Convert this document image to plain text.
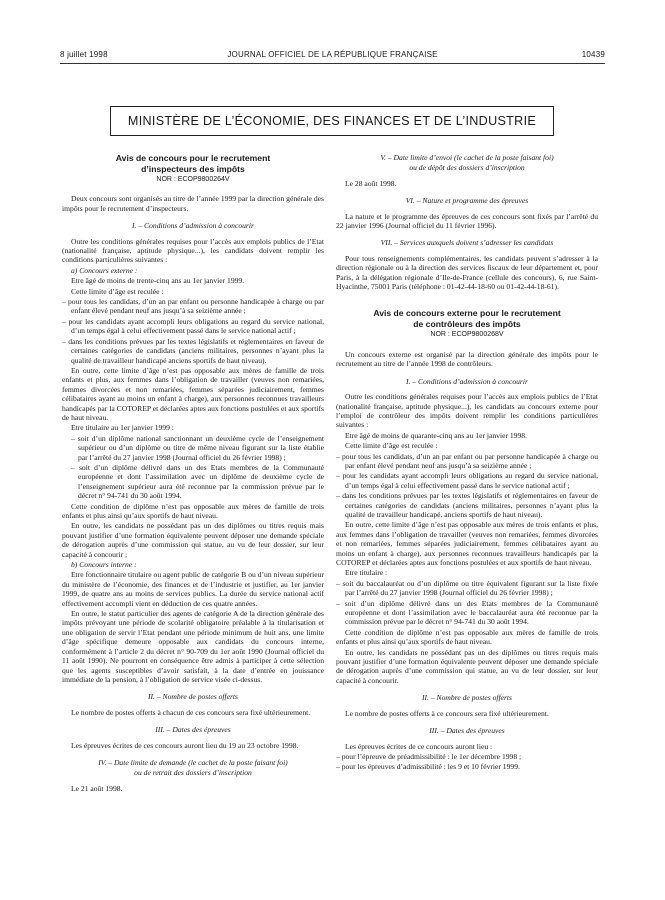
8 juillet 1998	JOURNAL OFFICIEL DE LA RÉPUBLIQUE FRANÇAISE	10439
MINISTÈRE DE L’ÉCONOMIE, DES FINANCES ET DE L’INDUSTRIE
Avis de concours pour le recrutement
d’inspecteurs des impôts
NOR : ECOP9800264V

Deux concours sont organisés au titre de l’année 1999 par la direction générale des impôts pour le recrutement d’inspecteurs.

I. – Conditions d’admission à concourir

Outre les conditions générales requises pour l’accès aux emplois publics de l’Etat (nationalité française, aptitude physique...), les candidats doivent remplir les conditions particulières suivantes :

a) Concours externe :

Etre âgé de moins de trente-cinq ans au 1er janvier 1999.

Cette limite d’âge est reculée :

– pour tous les candidats, d’un an par enfant ou personne handicapée à charge ou par enfant élevé pendant neuf ans jusqu’à sa seizième année ;

– pour les candidats ayant accompli leurs obligations au regard du service national, d’un temps égal à celui effectivement passé dans le service national actif ;

– dans les conditions prévues par les textes législatifs et réglementaires en faveur de certaines catégories de candidats (anciens militaires, personnes n’ayant plus la qualité de travailleur handicapé anciens sportifs de haut niveau).

En outre, cette limite d’âge n’est pas opposable aux mères de famille de trois enfants et plus, aux femmes dans l’obligation de travailler (veuves non remariées, femmes divorcées et non remariées, femmes séparées judiciairement, femmes célibataires ayant au moins un enfant à charge), aux personnes reconnues travailleurs handicapés par la COTOREP et déclarées aptes aux fonctions postulées et aux sportifs de haut niveau.

Etre titulaire au 1er janvier 1999 :

– soit d’un diplôme national sanctionnant un deuxième cycle de l’enseignement supérieur ou d’un diplôme ou titre de même niveau figurant sur la liste établie par l’arrêté du 27 janvier 1998 (Journal officiel du 26 février 1998) ;

– soit d’un diplôme délivré dans un des Etats membres de la Communauté européenne et dont l’assimilation avec un diplôme de deuxième cycle de l’enseignement supérieur aura été reconnue par la commission prévue par le décret n° 94-741 du 30 août 1994.

Cette condition de diplôme n’est pas opposable aux mères de famille de trois enfants et plus ainsi qu’aux sportifs de haut niveau.

En outre, les candidats ne possédant pas un des diplômes ou titres requis mais pouvant justifier d’une formation équivalente peuvent déposer une demande spéciale de dérogation auprès d’une commission qui statue, au vu de leur dossier, sur leur capacité à concourir ;

b) Concours interne :

Etre fonctionnaire titulaire ou agent public de catégorie B ou d’un niveau supérieur du ministère de l’économie, des finances et de l’industrie et justifier, au 1er janvier 1999, de quatre ans au moins de services publics. La durée du service national actif effectivement accompli vient en déduction de ces quatre années.

En outre, le statut particulier des agents de catégorie A de la direction générale des impôts prévoyant une période de scolarité obligatoire préalable à la titularisation et une obligation de servir l’Etat pendant une période minimum de huit ans, une limite d’âge spécifique demeure opposable aux candidats du concours interne, conformément à l’article 2 du décret n° 90-709 du 1er août 1990 (Journal officiel du 11 août 1990). Ne pourront en conséquence être admis à participer à cette sélection que les agents susceptibles d’avoir satisfait, à la date d’entrée en jouissance immédiate de la pension, à l’obligation de service visée ci-dessus.

II. – Nombre de postes offerts

Le nombre de postes offerts à chacun de ces concours sera fixé ultérieurement.

III. – Dates des épreuves

Les épreuves écrites de ces concours auront lieu du 19 au 23 octobre 1998.

IV. – Date limite de demande (le cachet de la poste faisant foi)

ou de retrait des dossiers d’inscription

Le 21 août 1998.

V. – Date limite d’envoi (le cachet de la poste faisant foi)

ou de dépôt des dossiers d’inscription

Le 28 août 1998.

VI. – Nature et programme des épreuves

La nature et le programme des épreuves de ces concours sont fixés par l’arrêté du 22 janvier 1996 (Journal officiel du 11 février 1996).

VII. – Services auxquels doivent s’adresser les candidats

Pour tous renseignements complémentaires, les candidats peuvent s’adresser à la direction régionale ou à la direction des services fiscaux de leur département et, pour Paris, à la délégation régionale d’Ile-de-France (cellule des concours), 6, rue Saint-Hyacinthe, 75001 Paris (téléphone : 01-42-44-18-60 ou 01-42-44-18-61).

Avis de concours externe pour le recrutement
de contrôleurs des impôts
NOR : ECOP9800268V

Un concours externe est organisé par la direction générale des impôts pour le recrutement au titre de l’année 1998 de contrôleurs.

I. – Conditions d’admission à concourir

Outre les conditions générales requises pour l’accès aux emplois publics de l’Etat (nationalité française, aptitude physique...), les candidats au concours externe pour l’emploi de contrôleur des impôts doivent remplir les conditions particulières suivantes :

Etre âgé de moins de quarante-cinq ans au 1er janvier 1998.

Cette limite d’âge est reculée :

– pour tous les candidats, d’un an par enfant ou par personne handicapée à charge ou par enfant élevé pendant neuf ans jusqu’à sa seizième année ;

– pour les candidats ayant accompli leurs obligations au regard du service national, d’un temps égal à celui effectivement passé dans le service national actif ;

– dans les conditions prévues par les textes législatifs et réglementaires en faveur de certaines catégories de candidats (anciens militaires, personnes n’ayant plus la qualité de travailleur handicapé, anciens sportifs de haut niveau).

En outre, cette limite d’âge n’est pas opposable aux mères de trois enfants et plus, aux femmes dans l’obligation de travailler (veuves non remariées, femmes divorcées et non remariées, femmes séparées judiciairement, femmes célibataires ayant au moins un enfant à charge), aux personnes reconnues travailleurs handicapés par la COTOREP et déclarées aptes aux fonctions postulées et aux sportifs de haut niveau.

Etre titulaire :

– soit du baccalauréat ou d’un diplôme ou titre équivalent figurant sur la liste fixée par l’arrêté du 27 janvier 1998 (Journal officiel du 26 février 1998) ;

– soit d’un diplôme délivré dans un des Etats membres de la Communauté européenne et dont l’assimilation avec le baccalauréat aura été reconnue par la commission prévue par le décret n° 94-741 du 30 août 1994.

Cette condition de diplôme n’est pas opposable aux mères de famille de trois enfants et plus ainsi qu’aux sportifs de haut niveau.

En outre, les candidats ne possédant pas un des diplômes ou titres requis mais pouvant justifier d’une formation équivalente peuvent déposer une demande spéciale de dérogation auprès d’une commission qui statue, au vu de leur dossier, sur leur capacité à concourir.

II. – Nombre de postes offerts

Le nombre de postes offerts à ce concours sera fixé ultérieurement.

III. – Dates des épreuves

Les épreuves écrites de ce concours auront lieu :

– pour l’épreuve de préadmissibilité : le 1er décembre 1998 ;

– pour les épreuves d’admissibilité : les 9 et 10 février 1999.
